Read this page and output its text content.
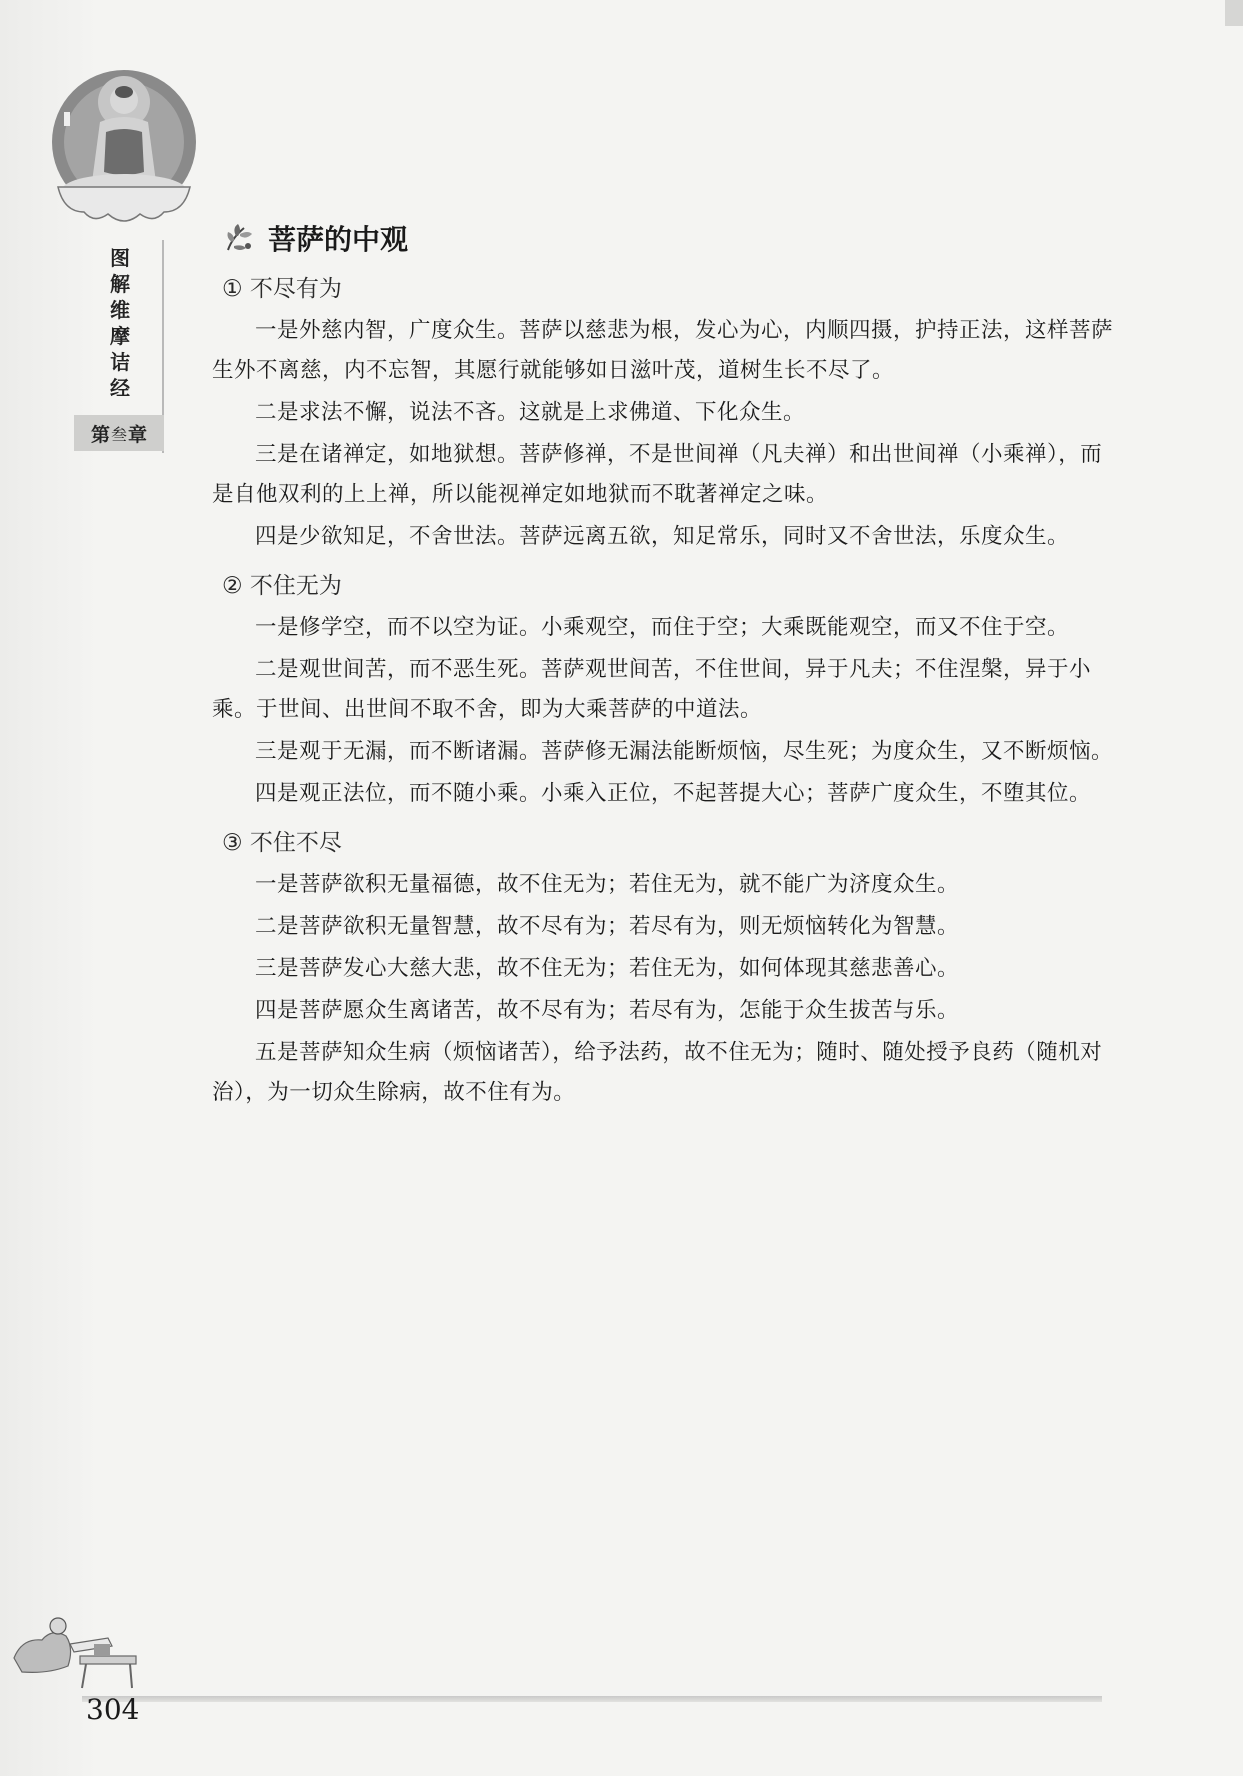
图
解
维
摩
诘
经
第 叁 章
菩萨的中观
① 不尽有为

一是外慈内智，广度众生。菩萨以慈悲为根，发心为心，内顺四摄，护持正法，这样菩萨生外不离慈，内不忘智，其愿行就能够如日滋叶茂，道树生长不尽了。

二是求法不懈，说法不吝。这就是上求佛道、下化众生。

三是在诸禅定，如地狱想。菩萨修禅，不是世间禅（凡夫禅）和出世间禅（小乘禅），而是自他双利的上上禅，所以能视禅定如地狱而不耽著禅定之味。

四是少欲知足，不舍世法。菩萨远离五欲，知足常乐，同时又不舍世法，乐度众生。

② 不住无为

一是修学空，而不以空为证。小乘观空，而住于空；大乘既能观空，而又不住于空。

二是观世间苦，而不恶生死。菩萨观世间苦，不住世间，异于凡夫；不住涅槃，异于小乘。于世间、出世间不取不舍，即为大乘菩萨的中道法。

三是观于无漏，而不断诸漏。菩萨修无漏法能断烦恼，尽生死；为度众生，又不断烦恼。

四是观正法位，而不随小乘。小乘入正位，不起菩提大心；菩萨广度众生，不堕其位。

③ 不住不尽

一是菩萨欲积无量福德，故不住无为；若住无为，就不能广为济度众生。

二是菩萨欲积无量智慧，故不尽有为；若尽有为，则无烦恼转化为智慧。

三是菩萨发心大慈大悲，故不住无为；若住无为，如何体现其慈悲善心。

四是菩萨愿众生离诸苦，故不尽有为；若尽有为，怎能于众生拔苦与乐。

五是菩萨知众生病（烦恼诸苦），给予法药，故不住无为；随时、随处授予良药（随机对治），为一切众生除病，故不住有为。

304
